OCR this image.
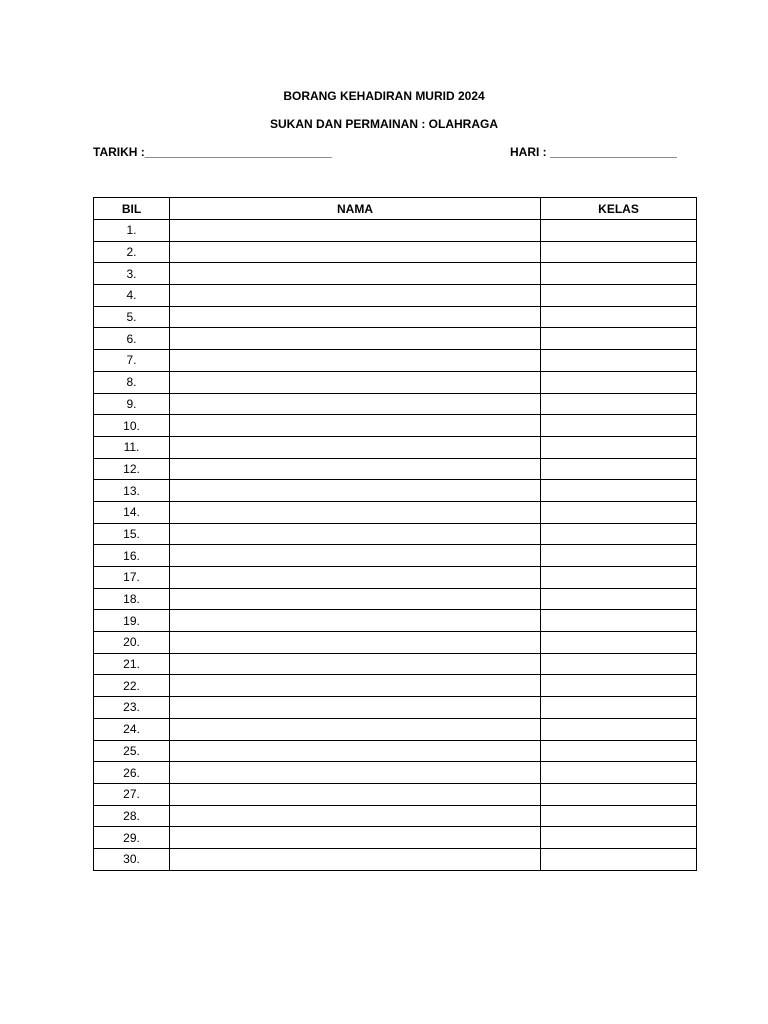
BORANG KEHADIRAN MURID 2024
SUKAN DAN PERMAINAN : OLAHRAGA
TARIKH :____________________________	HARI : ___________________
BIL	NAMA	KELAS
1.		
2.		
3.		
4.		
5.		
6.		
7.		
8.		
9.		
10.		
11.		
12.		
13.		
14.		
15.		
16.		
17.		
18.		
19.		
20.		
21.		
22.		
23.		
24.		
25.		
26.		
27.		
28.		
29.		
30.		
